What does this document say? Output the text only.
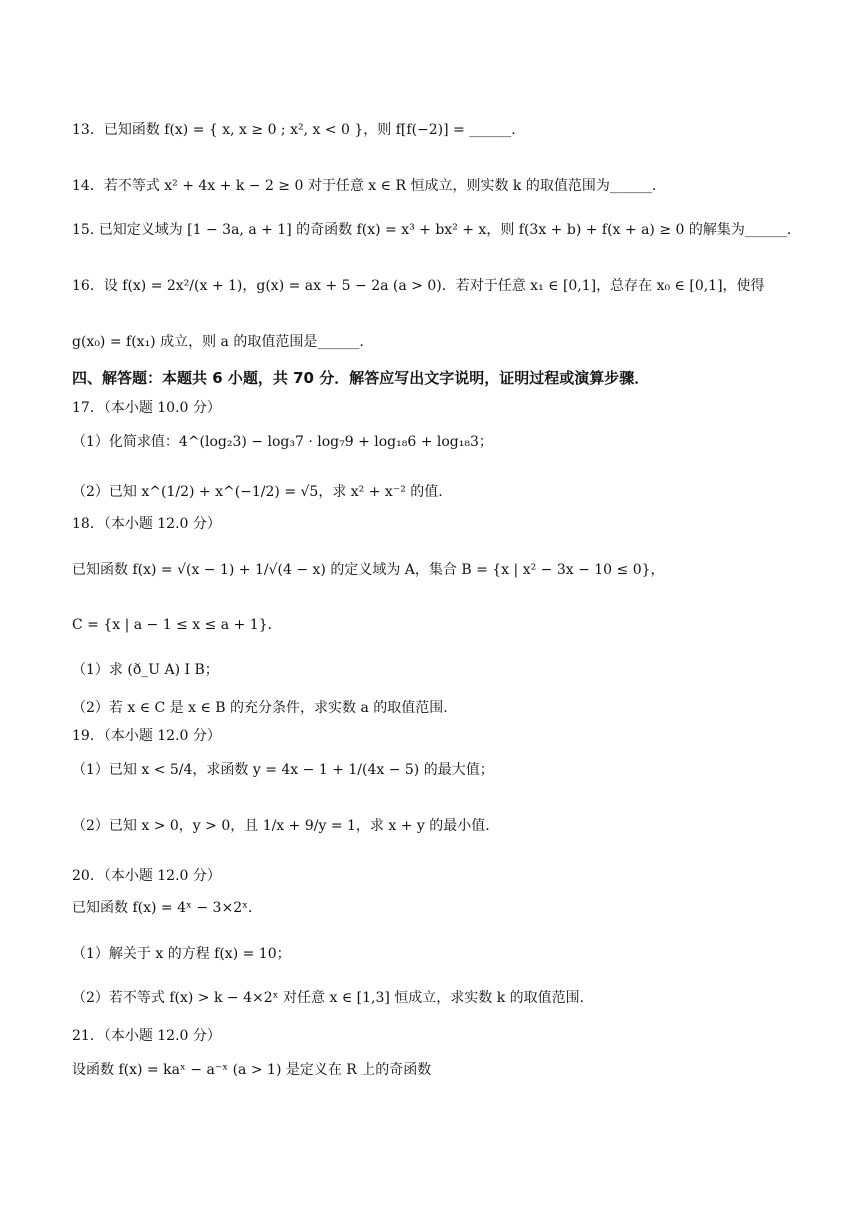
13．已知函数 f(x) = { x, x ≥ 0 ; x², x < 0 }，则 f[f(−2)] = ______.
14．若不等式 x² + 4x + k − 2 ≥ 0 对于任意 x ∈ R 恒成立，则实数 k 的取值范围为______.
15. 已知定义域为 [1 − 3a, a + 1] 的奇函数 f(x) = x³ + bx² + x，则 f(3x + b) + f(x + a) ≥ 0 的解集为______.
16．设 f(x) = 2x²/(x + 1)，g(x) = ax + 5 − 2a (a > 0)．若对于任意 x₁ ∈ [0,1]，总存在 x₀ ∈ [0,1]，使得
g(x₀) = f(x₁) 成立，则 a 的取值范围是______.
四、解答题：本题共 6 小题，共 70 分．解答应写出文字说明，证明过程或演算步骤．
17．（本小题 10.0 分）
（1）化简求值：4^(log₂3) − log₃7 · log₇9 + log₁₈6 + log₁₈3；
（2）已知 x^(1/2) + x^(−1/2) = √5，求 x² + x⁻² 的值.
18．（本小题 12.0 分）
已知函数 f(x) = √(x − 1) + 1/√(4 − x) 的定义域为 A，集合 B = {x | x² − 3x − 10 ≤ 0}，
C = {x | a − 1 ≤ x ≤ a + 1}．
（1）求 (ð_U A) I B；
（2）若 x ∈ C 是 x ∈ B 的充分条件，求实数 a 的取值范围.
19．（本小题 12.0 分）
（1）已知 x < 5/4，求函数 y = 4x − 1 + 1/(4x − 5) 的最大值；
（2）已知 x > 0，y > 0，且 1/x + 9/y = 1，求 x + y 的最小值.
20．（本小题 12.0 分）
已知函数 f(x) = 4ˣ − 3×2ˣ．
（1）解关于 x 的方程 f(x) = 10；
（2）若不等式 f(x) > k − 4×2ˣ 对任意 x ∈ [1,3] 恒成立，求实数 k 的取值范围.
21．（本小题 12.0 分）
设函数 f(x) = kaˣ − a⁻ˣ (a > 1) 是定义在 R 上的奇函数
